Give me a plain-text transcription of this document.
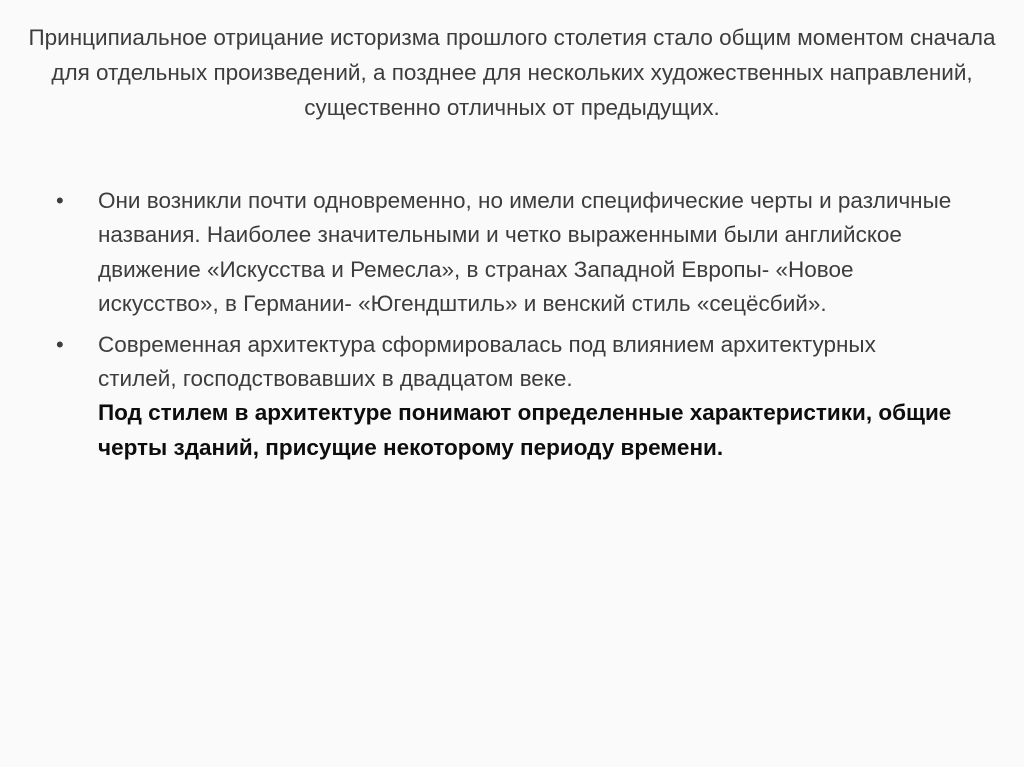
Принципиальное отрицание историзма прошлого столетия стало общим моментом сначала для отдельных произведений, а позднее для нескольких художественных направлений, существенно отличных от предыдущих.

• Они возникли почти одновременно, но имели специфические черты и различные названия. Наиболее значительными и четко выраженными были английское движение «Искусства и Ремесла», в странах Западной Европы- «Новое искусство», в Германии- «Югендштиль» и венский стиль «сецёсбий».
• Современная архитектура сформировалась под влиянием архитектурных стилей, господствовавших в двадцатом веке.
Под стилем в архитектуре понимают определенные характеристики, общие черты зданий, присущие некоторому периоду времени.
